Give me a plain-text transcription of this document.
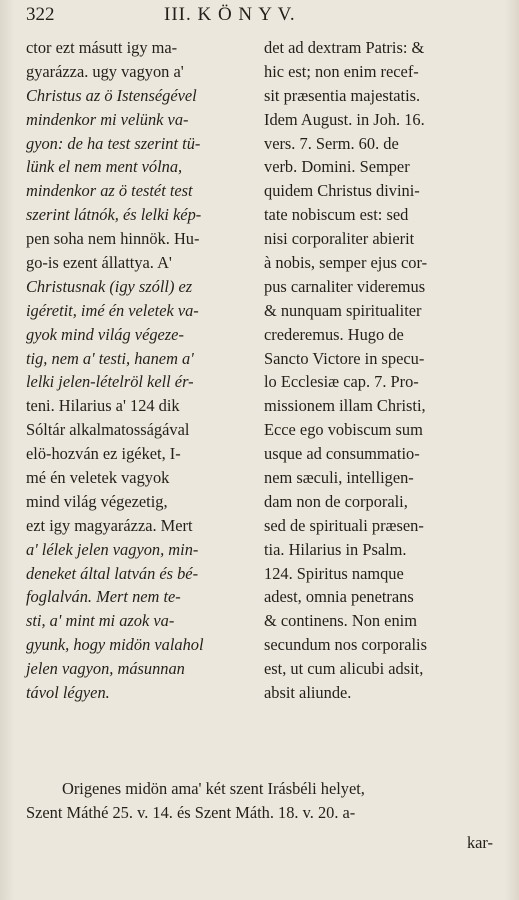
322	III. K Ö N Y V.
ctor ezt másutt igy ma-
gyarázza. ugy vagyon a'
Christus az ö Istenségével
mindenkor mi velünk va-
gyon: de ha test szerint tü-
lünk el nem ment vólna,
mindenkor az ö testét test
szerint látnók, és lelki kép-
pen soha nem hinnök. Hu-
go-is ezent állattya. A'
Christusnak (igy szóll) ez
igéretit, imé én veletek va-
gyok mind világ végeze-
tig, nem a' testi, hanem a'
lelki jelen-lételröl kell ér-
teni. Hilarius a' 124 dik
Sóltár alkalmatosságával
elö-hozván ez igéket, I-
mé én veletek vagyok
mind világ végezetig,
ezt igy magyarázza. Mert
a' lélek jelen vagyon, min-
deneket által latván és bé-
foglalván. Mert nem te-
sti, a' mint mi azok va-
gyunk, hogy midön valahol
jelen vagyon, másunnan
távol légyen.
det ad dextram Patris: &
hic est; non enim recef-
sit præsentia majestatis.
Idem August. in Joh. 16.
vers. 7. Serm. 60. de
verb. Domini. Semper
quidem Christus divini-
tate nobiscum est: sed
nisi corporaliter abierit
à nobis, semper ejus cor-
pus carnaliter videremus
& nunquam spiritualiter
crederemus. Hugo de
Sancto Victore in specu-
lo Ecclesiæ cap. 7. Pro-
missionem illam Christi,
Ecce ego vobiscum sum
usque ad consummatio-
nem sæculi, intelligen-
dam non de corporali,
sed de spirituali præsen-
tia. Hilarius in Psalm.
124. Spiritus namque
adest, omnia penetrans
& continens. Non enim
secundum nos corporalis
est, ut cum alicubi adsit,
absit aliunde.
Origenes midön ama' két szent Irásbéli helyet,
Szent Máthé 25. v. 14. és Szent Máth. 18. v. 20. a-
kar-
